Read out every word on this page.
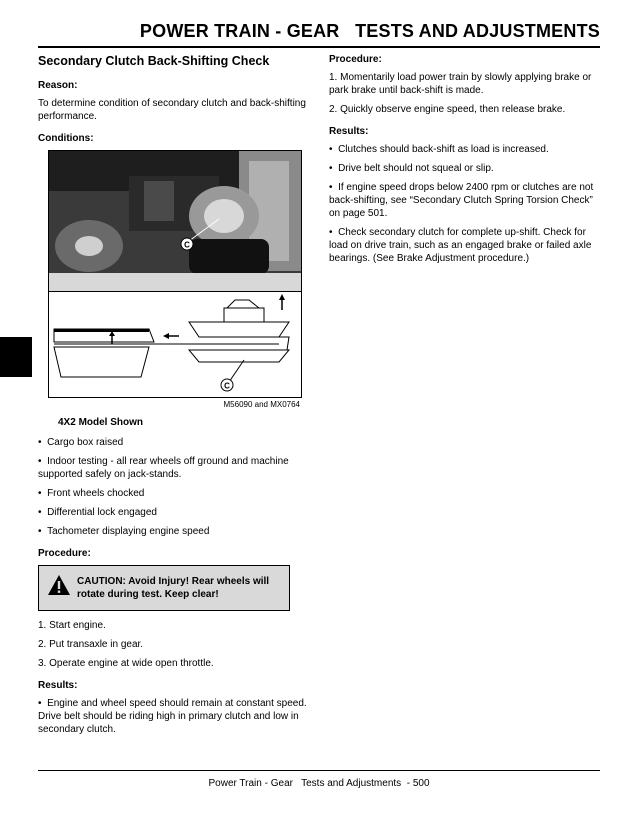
POWER TRAIN - GEAR   TESTS AND ADJUSTMENTS
Secondary Clutch Back-Shifting Check
Reason:

To determine condition of secondary clutch and back-shifting performance.

Conditions:
C
C
M56090 and MX0764
4X2 Model Shown
•  Cargo box raised
•  Indoor testing - all rear wheels off ground and machine supported safely on jack-stands.
•  Front wheels chocked
•  Differential lock engaged
•  Tachometer displaying engine speed
Procedure:
CAUTION: Avoid Injury! Rear wheels will rotate during test. Keep clear!

1. Start engine.

2. Put transaxle in gear.

3. Operate engine at wide open throttle.

Results:
•  Engine and wheel speed should remain at constant speed. Drive belt should be riding high in primary clutch and low in secondary clutch.
Procedure:

1. Momentarily load power train by slowly applying brake or park brake until back-shift is made.

2. Quickly observe engine speed, then release brake.

Results:
•  Clutches should back-shift as load is increased.
•  Drive belt should not squeal or slip.
•  If engine speed drops below 2400 rpm or clutches are not back-shifting, see “Secondary Clutch Spring Torsion Check” on page 501.
•  Check secondary clutch for complete up-shift. Check for load on drive train, such as an engaged brake or failed axle bearings. (See Brake Adjustment procedure.)
Power Train - Gear   Tests and Adjustments  - 500
